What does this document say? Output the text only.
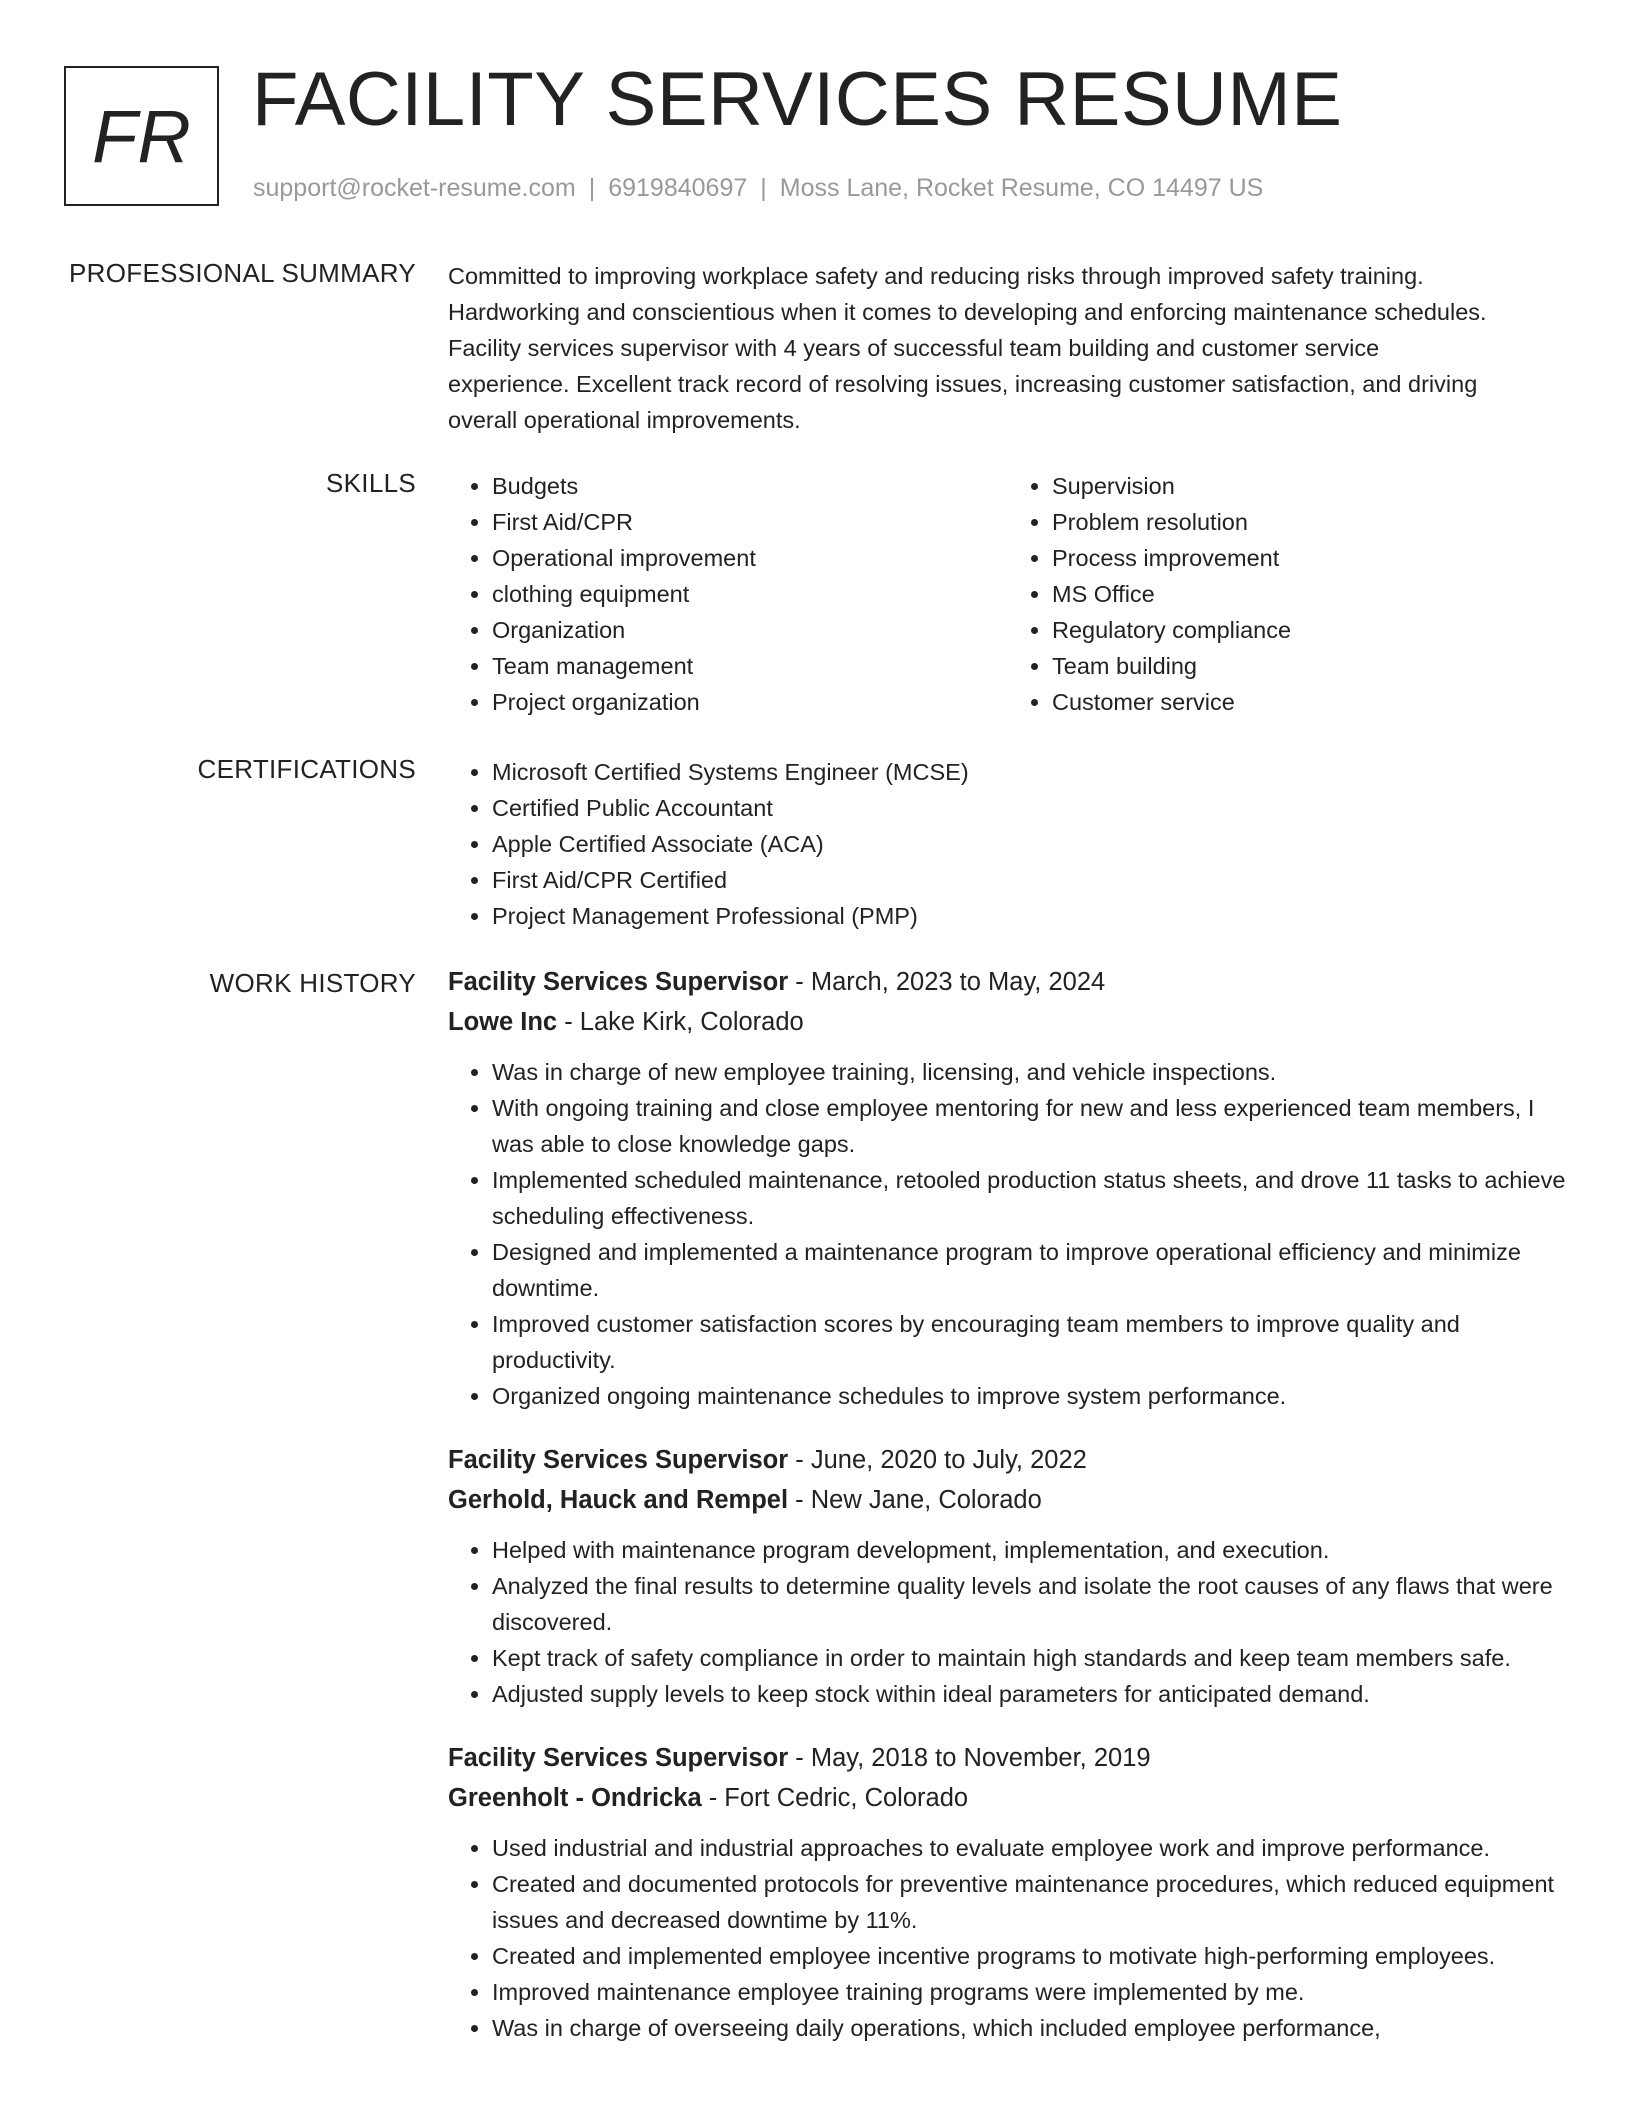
FR FACILITY SERVICES RESUME
support@rocket-resume.com | 6919840697 | Moss Lane, Rocket Resume, CO 14497 US
PROFESSIONAL SUMMARY Committed to improving workplace safety and reducing risks through improved safety training.
Hardworking and conscientious when it comes to developing and enforcing maintenance schedules.
Facility services supervisor with 4 years of successful team building and customer service
experience. Excellent track record of resolving issues, increasing customer satisfaction, and driving
overall operational improvements.
SKILLS	• Budgets
• First Aid/CPR
• Operational improvement
• clothing equipment
• Organization
• Team management
• Project organization
• Supervision
• Problem resolution
• Process improvement
• MS Office
• Regulatory compliance
• Team building
• Customer service
CERTIFICATIONS	• Microsoft Certified Systems Engineer (MCSE)
• Certified Public Accountant
• Apple Certified Associate (ACA)
• First Aid/CPR Certified
• Project Management Professional (PMP)
WORK HISTORY Facility Services Supervisor - March, 2023 to May, 2024
Lowe Inc - Lake Kirk, Colorado
• Was in charge of new employee training, licensing, and vehicle inspections.
• With ongoing training and close employee mentoring for new and less experienced team members, I was able to close knowledge gaps.
• Implemented scheduled maintenance, retooled production status sheets, and drove 11 tasks to achieve scheduling effectiveness.
• Designed and implemented a maintenance program to improve operational efficiency and minimize downtime.
• Improved customer satisfaction scores by encouraging team members to improve quality and productivity.
• Organized ongoing maintenance schedules to improve system performance.
Facility Services Supervisor - June, 2020 to July, 2022
Gerhold, Hauck and Rempel - New Jane, Colorado
• Helped with maintenance program development, implementation, and execution.
• Analyzed the final results to determine quality levels and isolate the root causes of any flaws that were discovered.
• Kept track of safety compliance in order to maintain high standards and keep team members safe.
• Adjusted supply levels to keep stock within ideal parameters for anticipated demand.
Facility Services Supervisor - May, 2018 to November, 2019
Greenholt - Ondricka - Fort Cedric, Colorado
• Used industrial and industrial approaches to evaluate employee work and improve performance.
• Created and documented protocols for preventive maintenance procedures, which reduced equipment issues and decreased downtime by 11%.
• Created and implemented employee incentive programs to motivate high-performing employees.
• Improved maintenance employee training programs were implemented by me.
• Was in charge of overseeing daily operations, which included employee performance,
